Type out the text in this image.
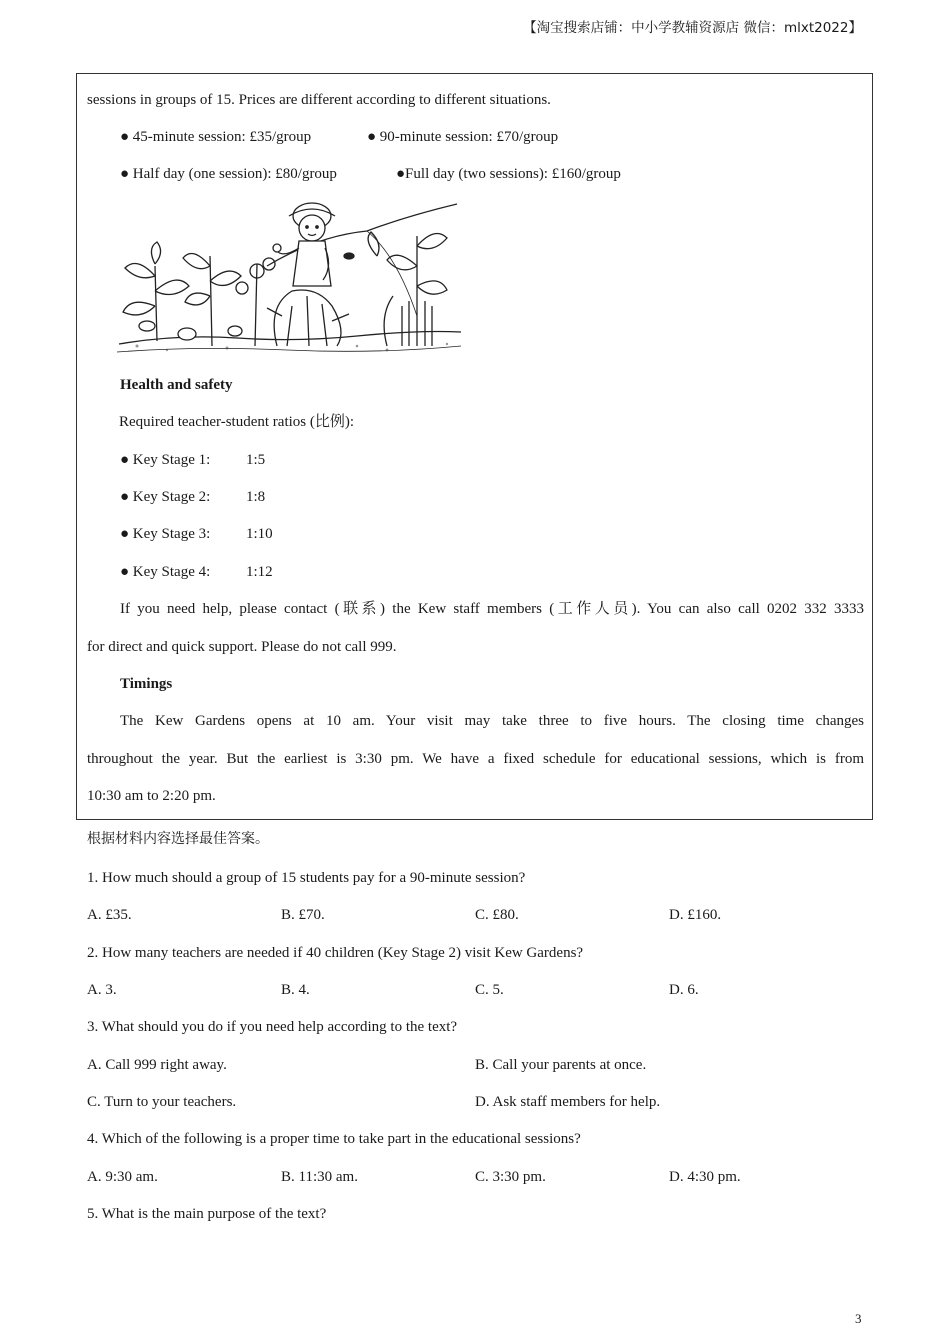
【淘宝搜索店铺：中小学教辅资源店 微信：mlxt2022】
sessions in groups of 15. Prices are different according to different situations.
● 45-minute session: £35/group	● 90-minute session: £70/group
● Half day (one session): £80/group	●Full day (two sessions): £160/group
Health and safety
Required teacher-student ratios (比例):
● Key Stage 1: 1:5
● Key Stage 2: 1:8
● Key Stage 3: 1:10
● Key Stage 4: 1:12
If you need help, please contact (联系) the Kew staff members (工作人员). You can also call 0202 332 3333
for direct and quick support. Please do not call 999.
Timings
The Kew Gardens opens at 10 am. Your visit may take three to five hours. The closing time changes
throughout the year. But the earliest is 3:30 pm. We have a fixed schedule for educational sessions, which is from
10:30 am to 2:20 pm.
根据材料内容选择最佳答案。
1. How much should a group of 15 students pay for a 90-minute session?
A. £35.	B. £70.	C. £80.	D. £160.
2. How many teachers are needed if 40 children (Key Stage 2) visit Kew Gardens?
A. 3.	B. 4.	C. 5.	D. 6.
3. What should you do if you need help according to the text?
A. Call 999 right away.	B. Call your parents at once.
C. Turn to your teachers.	D. Ask staff members for help.
4. Which of the following is a proper time to take part in the educational sessions?
A. 9:30 am.	B. 11:30 am.	C. 3:30 pm.	D. 4:30 pm.
5. What is the main purpose of the text?
3
